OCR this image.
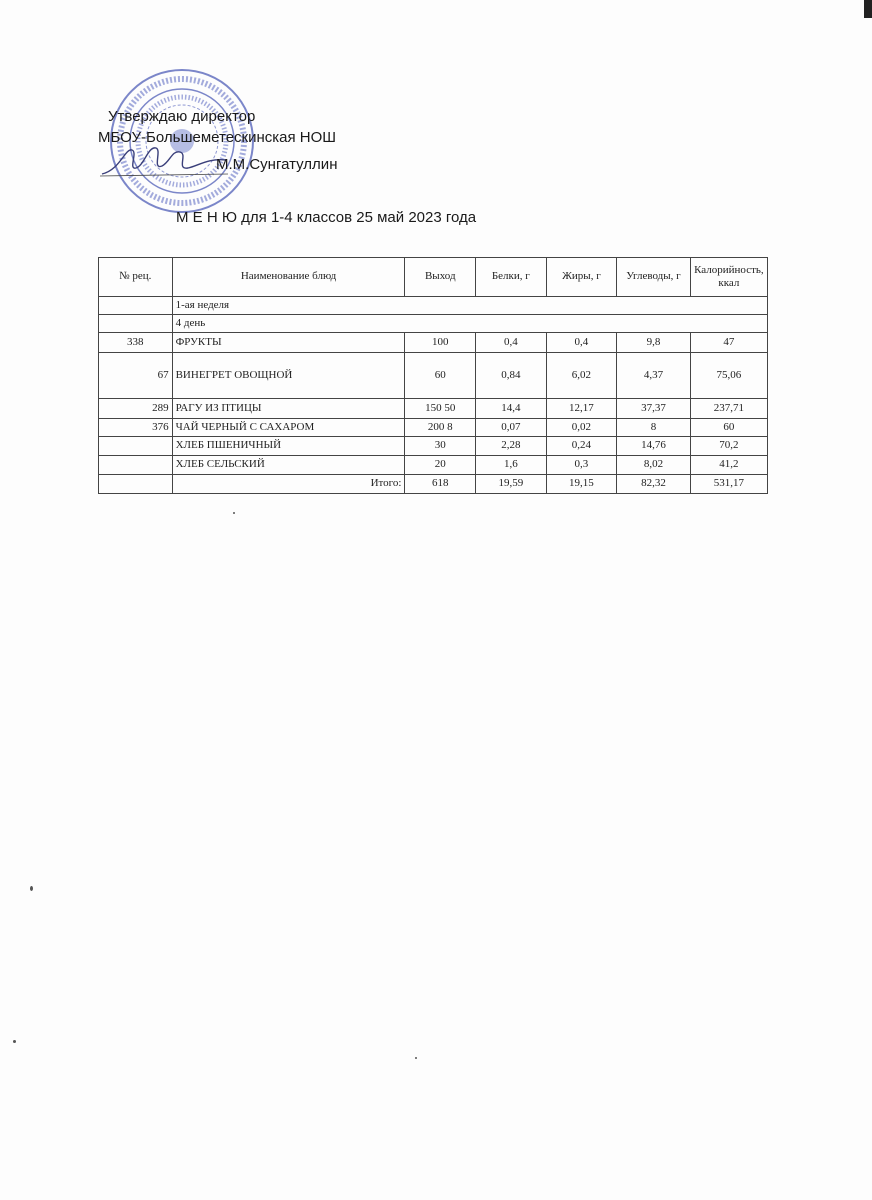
Утверждаю директор
МБОУ-Большеметескинская НОШ
М.М.Сунгатуллин
М Е Н Ю для 1-4 классов 25 май 2023 года
№ рец.	Наименование блюд	Выход	Белки, г	Жиры, г	Углеводы, г	Калорийность, ккал
	1-ая неделя					
	4 день					
338	ФРУКТЫ	100	0,4	0,4	9,8	47
67	ВИНЕГРЕТ ОВОЩНОЙ	60	0,84	6,02	4,37	75,06
289	РАГУ ИЗ ПТИЦЫ	150 50	14,4	12,17	37,37	237,71
376	ЧАЙ ЧЕРНЫЙ С САХАРОМ	200 8	0,07	0,02	8	60
	ХЛЕБ ПШЕНИЧНЫЙ	30	2,28	0,24	14,76	70,2
	ХЛЕБ СЕЛЬСКИЙ	20	1,6	0,3	8,02	41,2
	Итого:	618	19,59	19,15	82,32	531,17
